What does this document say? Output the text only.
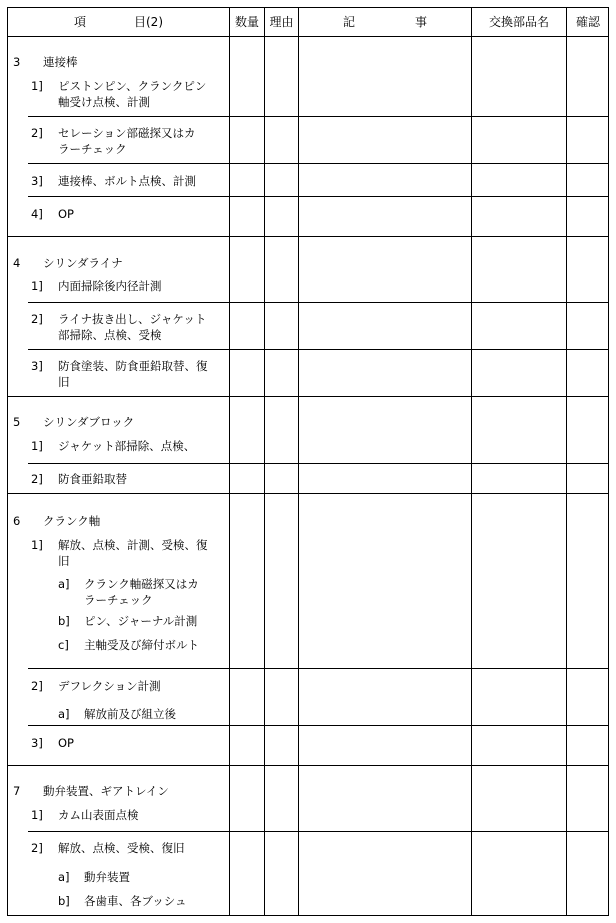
項　　　　目(2)	数量 理由	記　　　　　事	交換部品名	確認
3 連接棒
1] ピストンピン、クランクピン
軸受け点検、計測
2] セレーション部磁探又はカ
ラーチェック
3] 連接棒、ボルト点検、計測
4] OP
4 シリンダライナ
1] 内面掃除後内径計測
2] ライナ抜き出し、ジャケット
部掃除、点検、受検
3] 防食塗装、防食亜鉛取替、復
旧
5 シリンダブロック
1] ジャケット部掃除、点検、
2] 防食亜鉛取替
6 クランク軸
1] 解放、点検、計測、受検、復
旧
a] クランク軸磁探又はカ
ラーチェック
b] ピン、ジャーナル計測
c] 主軸受及び締付ボルト
2] デフレクション計測
a] 解放前及び組立後
3] OP
7 動弁装置、ギアトレイン
1] カム山表面点検
2] 解放、点検、受検、復旧
a] 動弁装置
b] 各歯車、各ブッシュ
